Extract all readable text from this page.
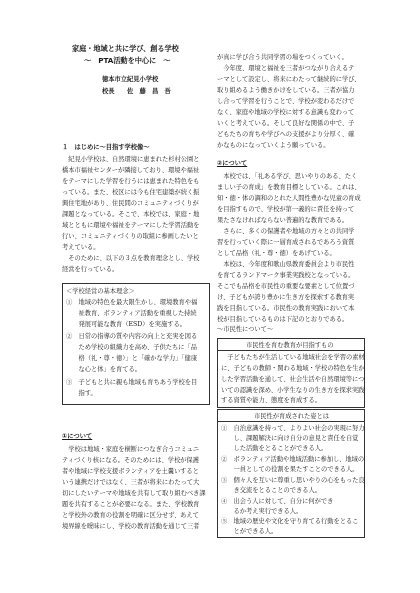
家庭・地域と共に学び、創る学校
〜　PTA活動を中心に　〜
徳本市立紀見小学校
校長　　佐　藤　昌　吾
１　はじめに〜目指す学校像〜
　紀見小学校は、自然環境に恵まれた杉村公園と
橋本市福祉センターが隣接しており、環境や福祉
をテーマにした学習を行うには恵まれた特色をも
っている。また、校区には今も住宅建築が続く振
興住宅地があり、住民間のコミュニティづくりが
課題となっている。そこで、本校では、家庭・地
域とともに環境や福祉をテーマにした学習活動を
行い、コミュニティづくりの取組に参画したいと
考えている。
　そのために、以下の３点を教育理念とし、学校
経営を行っている。
＜学校経営の基本理念＞
①　地域の特色を最大限生かし、環境教育や福
　　祉教育、ボランティア活動を重視した持続
　　発展可能な教育（ESD）を実施する。
②　日常の指導の質や内容の向上と充実を図る
　　ため学校の組織力を高め、子供たちに「品
　　格（礼・尊・徳）」と「確かな学力」「健康
　　な心と体」を育てる。
③　子どもと共に親も地域も育ちあう学校を目
　　指す。
①について
　学校は地域・家庭を横断につなぎ合うコミュニ
ティづくり核になる。そのためには、学校が保護
者や地域に学校支援ボランティアを土嚢いすると
いう連携だけではなく、三者が将来にわたって大
切にしたいテーマや地域を共有して取り組むべき課
題を共有することが必要になる。また、学校教育
と学校外の教育の役割を明確に区分せず、あえて
境界線を曖昧にし、学校の教育活動を通じて三者
が真に学び合う共同学習の場をつくっていく。
　今年度、環境と福祉を三者がつながり合えるテ
ーマとして設定し、将来にわたって継続的に学び、
取り組めるよう働きかけをしている。三者が協力
し合って学習を行うことで、学校が変わるだけで
なく、家庭や地域の学校に対する意識も変わって
いくと考えている。そして良好な関係の中で、子
どもたちの育ちや学びへの支援がより分厚く、確
かなものになっていくよう願っている。
②について
　本校では、「礼ある学び、思いやりのある、たく
ましい子の育成」を教育目標としている。これは、
知・徳・体の調和のとれた人間性豊かな児童の育成
を目指すもので、学校が第一義的に責任を持って
果たさなければならない普遍的な教育である。
　さらに、多くの保護者や地域の方々との共同学
習を行っていく際に一層育成されるであろう資質
として品格（礼・尊・徳）をあげている。
　本校は、今年度和歌山県教育委員会より市民性
を育てるランドマーク事業実践校となっている。
そこでも品格を市民性の重要な要素として位置づ
け、子どもが誇り豊かに生き方を探索する教育実
践を目指している。市民性の教育実践において本
校が目指しているものは下記のとおりである。
〜市民性について〜
市民性を育む教育が目指すもの
　子どもたちが生活している地域社会を学習の素材
に、子どもの教師・関わる地域・学校の特色を生か
した学習活動を通して、社会生活や自然環境等につ
いての認識を深め、小学生なりの生き方を探求実践
する資質や能力、態度を育成する。
市民性が育成された姿とは
①　自治意識を持って、よりよい社会の実現に努力
　　し、課題解決に向け自分の意見と責任を自覚
　　した活動をとることができる人。
②　ボランティア活動や地域活動に参加し、地域の
　　一員としての役割を果たすことのできる人。
③　個々人を互いに尊重し思いやりの心をもった良
　　き交流をとることのできる人。
④　出会う人に対して、自分に何ができ
　　るか考え実行できる人。
⑤　地域の歴史や文化を守り育てる行動をとるこ
　　とができる人。
